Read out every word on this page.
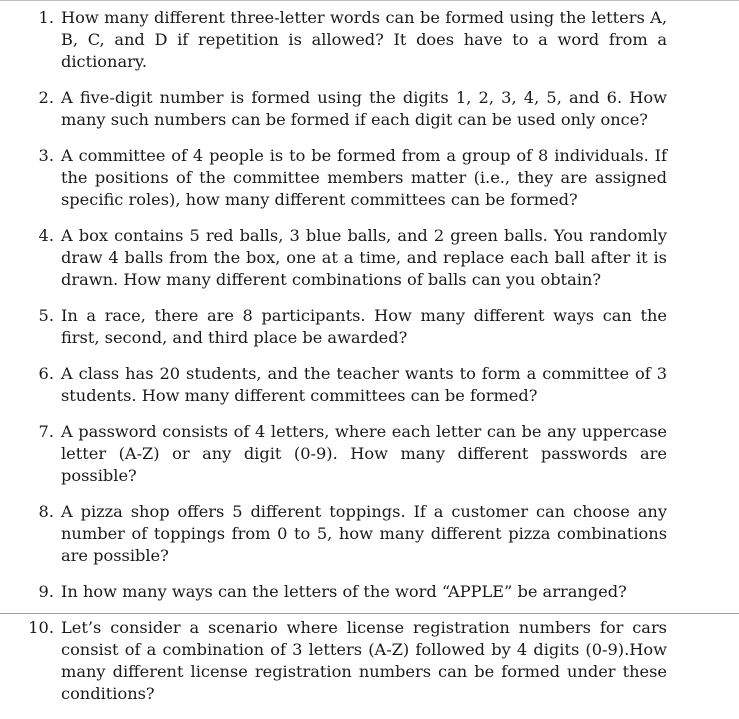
1. How many different three-letter words can be formed using the letters A, B, C, and D if repetition is allowed? It does have to a word from a dictionary.
2. A five-digit number is formed using the digits 1, 2, 3, 4, 5, and 6. How many such numbers can be formed if each digit can be used only once?
3. A committee of 4 people is to be formed from a group of 8 individuals. If the positions of the committee members matter (i.e., they are assigned specific roles), how many different committees can be formed?
4. A box contains 5 red balls, 3 blue balls, and 2 green balls. You randomly draw 4 balls from the box, one at a time, and replace each ball after it is drawn. How many different combinations of balls can you obtain?
5. In a race, there are 8 participants. How many different ways can the first, second, and third place be awarded?
6. A class has 20 students, and the teacher wants to form a committee of 3 students. How many different committees can be formed?
7. A password consists of 4 letters, where each letter can be any uppercase letter (A-Z) or any digit (0-9). How many different passwords are possible?
8. A pizza shop offers 5 different toppings. If a customer can choose any number of toppings from 0 to 5, how many different pizza combinations are possible?
9. In how many ways can the letters of the word “APPLE” be arranged?
10. Let’s consider a scenario where license registration numbers for cars consist of a combination of 3 letters (A-Z) followed by 4 digits (0-9).How many different license registration numbers can be formed under these conditions?
